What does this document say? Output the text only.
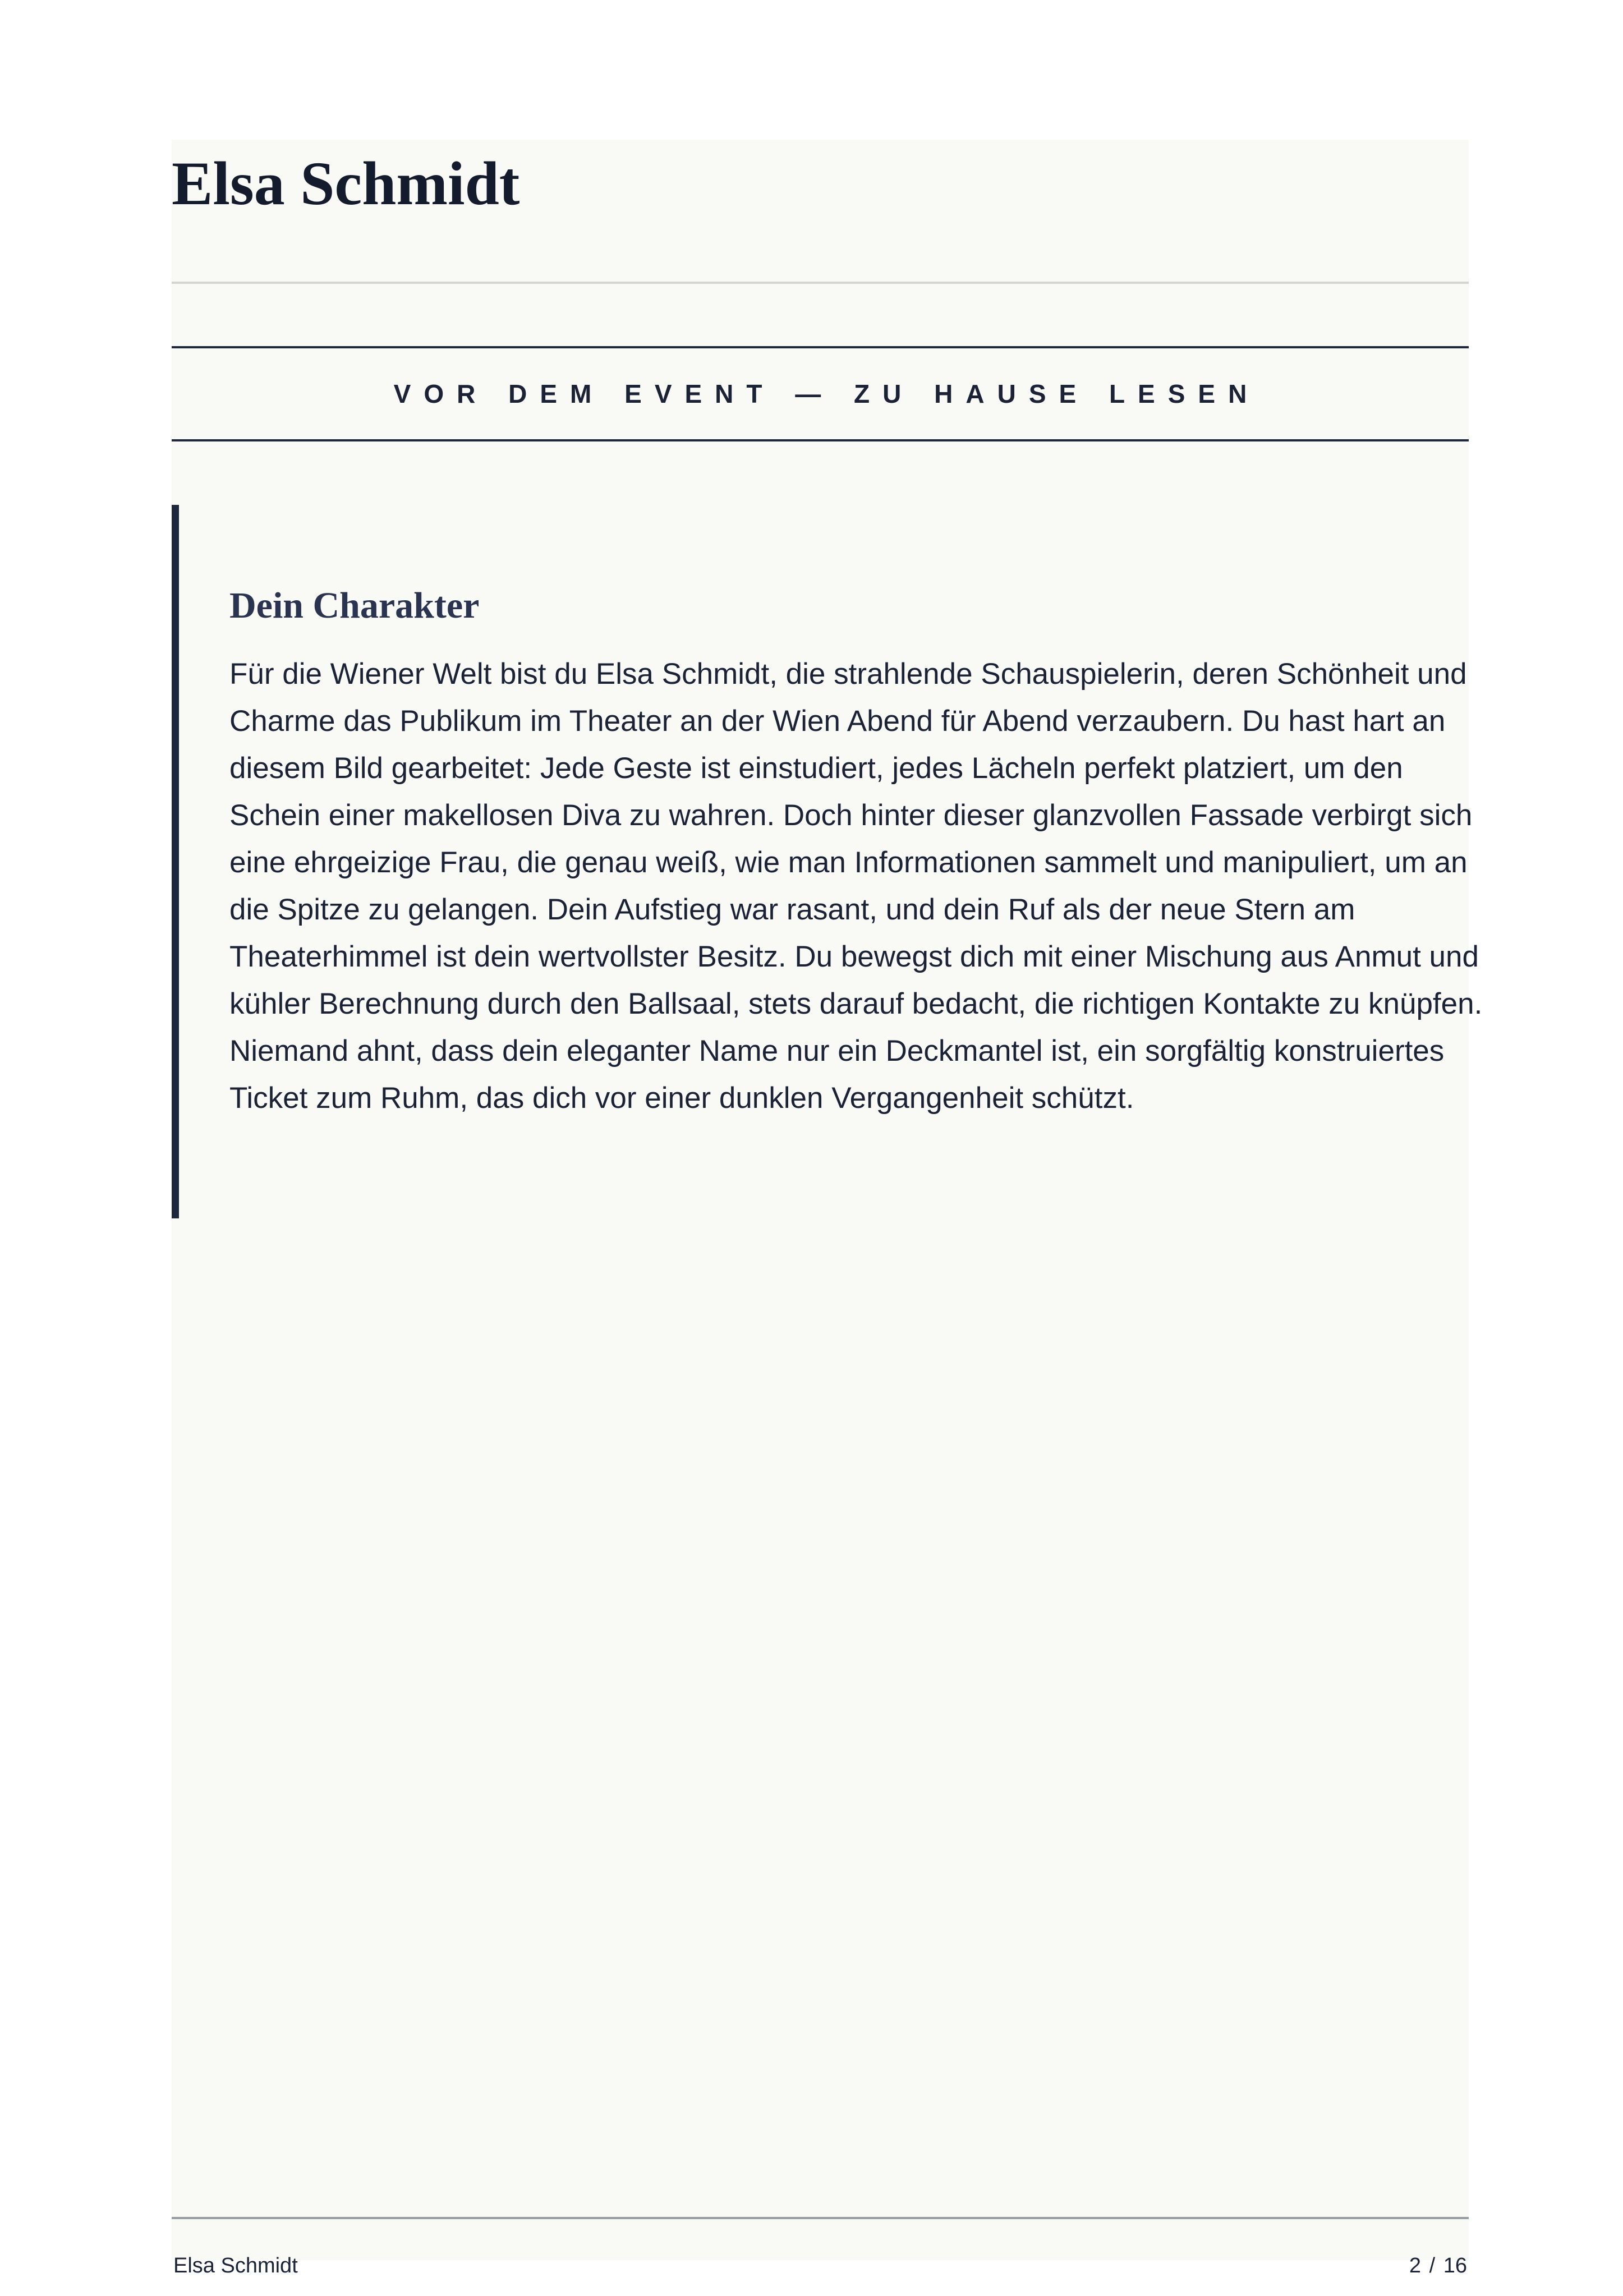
Elsa Schmidt
VOR DEM EVENT — ZU HAUSE LESEN
Dein Charakter

Für die Wiener Welt bist du Elsa Schmidt, die strahlende Schauspielerin, deren Schönheit und Charme das Publikum im Theater an der Wien Abend für Abend verzaubern. Du hast hart an diesem Bild gearbeitet: Jede Geste ist einstudiert, jedes Lächeln perfekt platziert, um den Schein einer makellosen Diva zu wahren. Doch hinter dieser glanzvollen Fassade verbirgt sich eine ehrgeizige Frau, die genau weiß, wie man Informationen sammelt und manipuliert, um an die Spitze zu gelangen. Dein Aufstieg war rasant, und dein Ruf als der neue Stern am Theaterhimmel ist dein wertvollster Besitz. Du bewegst dich mit einer Mischung aus Anmut und kühler Berechnung durch den Ballsaal, stets darauf bedacht, die richtigen Kontakte zu knüpfen. Niemand ahnt, dass dein eleganter Name nur ein Deckmantel ist, ein sorgfältig konstruiertes Ticket zum Ruhm, das dich vor einer dunklen Vergangenheit schützt.

Elsa Schmidt	2 / 16
